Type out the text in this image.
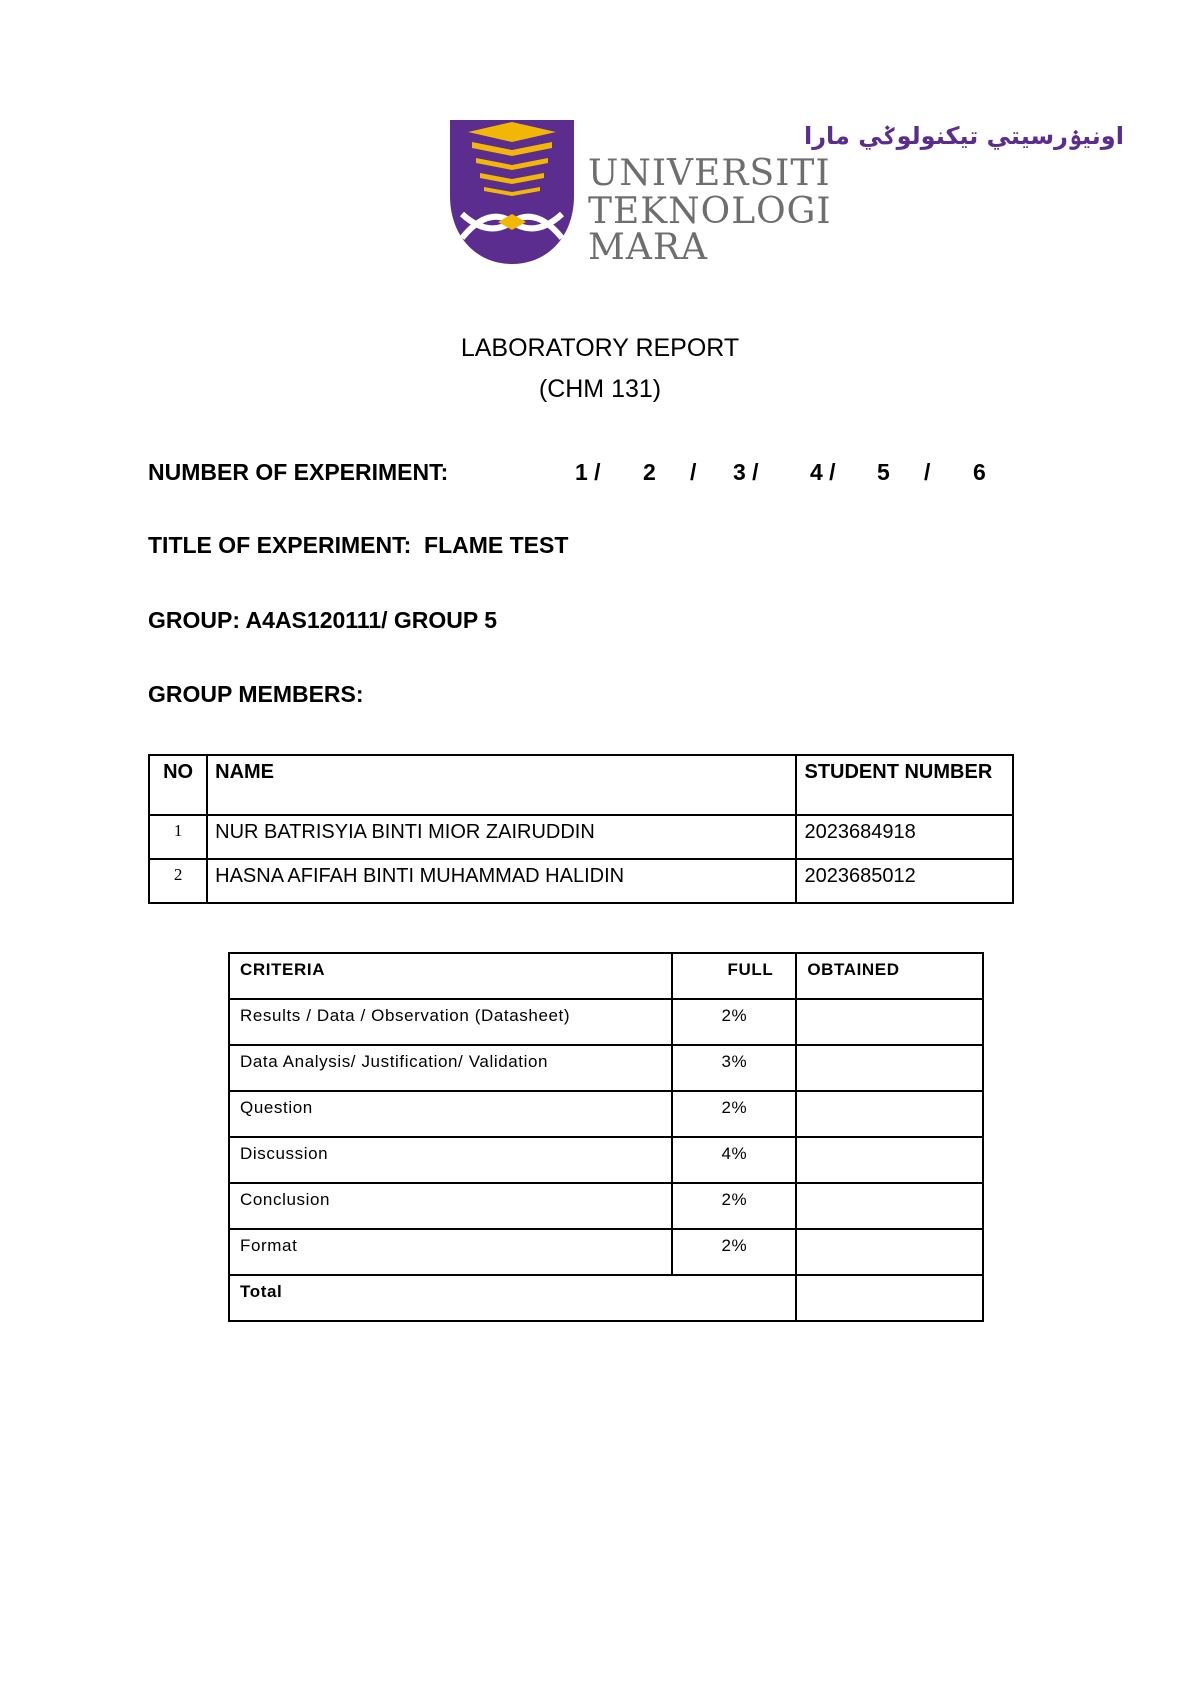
اونيۏرسيتي تيكنولوݢي مارا
UNIVERSITI
TEKNOLOGI
MARA
LABORATORY REPORT
(CHM 131)
NUMBER OF EXPERIMENT:	1 / 2 / 3 / 4 / 5 / 6
TITLE OF EXPERIMENT: FLAME TEST
GROUP: A4AS120111/ GROUP 5
GROUP MEMBERS:
NO	NAME	STUDENT NUMBER
1	NUR BATRISYIA BINTI MIOR ZAIRUDDIN	2023684918
2	HASNA AFIFAH BINTI MUHAMMAD HALIDIN	2023685012
CRITERIA	FULL	OBTAINED
Results / Data / Observation (Datasheet)	2%	
Data Analysis/ Justification/ Validation	3%	
Question	2%	
Discussion	4%	
Conclusion	2%	
Format	2%	
Total		
